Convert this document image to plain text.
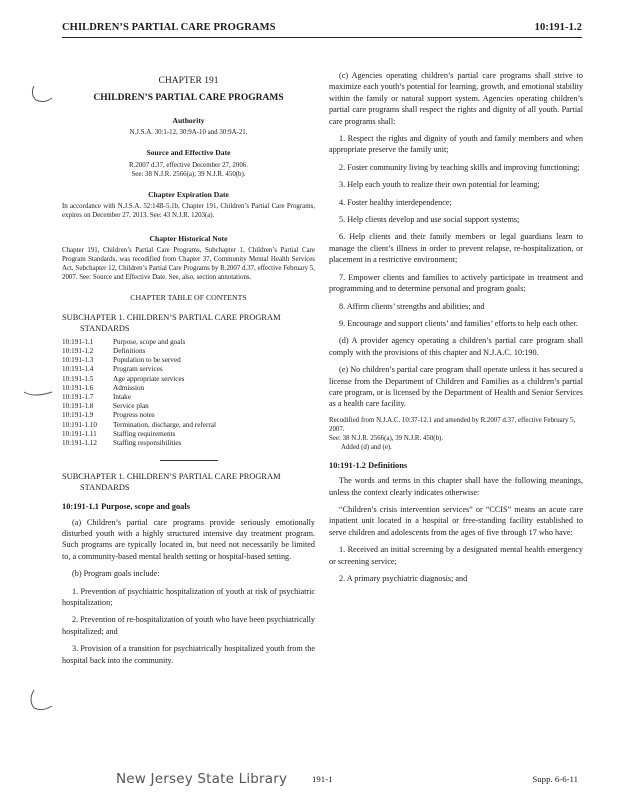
CHILDREN’S PARTIAL CARE PROGRAMS	10:191-1.2
CHAPTER 191
CHILDREN’S PARTIAL CARE PROGRAMS
Authority
N.J.S.A. 30:1-12, 30:9A-10 and 30:9A-21.
Source and Effective Date
R.2007 d.37, effective December 27, 2006.
See: 38 N.J.R. 2566(a), 39 N.J.R. 450(b).
Chapter Expiration Date
In accordance with N.J.S.A. 52:14B-5.1b, Chapter 191, Children’s Partial Care Programs, expires on December 27, 2013. See: 43 N.J.R. 1203(a).
Chapter Historical Note
Chapter 191, Children’s Partial Care Programs, Subchapter 1, Children’s Partial Care Program Standards, was recodified from Chapter 37, Community Mental Health Services Act, Subchapter 12, Children’s Partial Care Programs by R.2007 d.37, effective February 5, 2007. See: Source and Effective Date. See, also, section annotations.
CHAPTER TABLE OF CONTENTS
SUBCHAPTER 1. CHILDREN’S PARTIAL CARE PROGRAM STANDARDS
10:191-1.1	Purpose, scope and goals
10:191-1.2	Definitions
10:191-1.3	Population to be served
10:191-1.4	Program services
10:191-1.5	Age appropriate services
10:191-1.6	Admission
10:191-1.7	Intake
10:191-1.8	Service plan
10:191-1.9	Progress notes
10:191-1.10	Termination, discharge, and referral
10:191-1.11	Staffing requirements
10:191-1.12	Staffing responsibilities
SUBCHAPTER 1. CHILDREN’S PARTIAL CARE PROGRAM STANDARDS
10:191-1.1 Purpose, scope and goals

(a) Children’s partial care programs provide seriously emotionally disturbed youth with a highly structured intensive day treatment program. Such programs are typically located in, but need not necessarily be limited to, a community-based mental health setting or hospital-based setting.

(b) Program goals include:

1. Prevention of psychiatric hospitalization of youth at risk of psychiatric hospitalization;

2. Prevention of re-hospitalization of youth who have been psychiatrically hospitalized; and

3. Provision of a transition for psychiatrically hospitalized youth from the hospital back into the community.

(c) Agencies operating children’s partial care programs shall strive to maximize each youth’s potential for learning, growth, and emotional stability within the family or natural support system. Agencies operating children’s partial care programs shall respect the rights and dignity of all youth. Partial care programs shall:

1. Respect the rights and dignity of youth and family members and when appropriate preserve the family unit;

2. Foster community living by teaching skills and improving functioning;

3. Help each youth to realize their own potential for learning;

4. Foster healthy interdependence;

5. Help clients develop and use social support systems;

6. Help clients and their family members or legal guardians learn to manage the client’s illness in order to prevent relapse, re-hospitalization, or placement in a restrictive environment;

7. Empower clients and families to actively participate in treatment and programming and to determine personal and program goals;

8. Affirm clients’ strengths and abilities; and

9. Encourage and support clients’ and families’ efforts to help each other.

(d) A provider agency operating a children’s partial care program shall comply with the provisions of this chapter and N.J.A.C. 10:190.

(e) No children’s partial care program shall operate unless it has secured a license from the Department of Children and Families as a children’s partial care program, or is licensed by the Department of Health and Senior Services as a health care facility.

Recodified from N.J.A.C. 10:37-12.1 and amended by R.2007 d.37, effective February 5, 2007.
See: 38 N.J.R. 2566(a), 39 N.J.R. 450(b).
Added (d) and (e).
10:191-1.2 Definitions

The words and terms in this chapter shall have the following meanings, unless the context clearly indicates otherwise:

“Children’s crisis intervention services” or “CCIS” means an acute care inpatient unit located in a hospital or free-standing facility established to serve children and adolescents from the ages of five through 17 who have:

1. Received an initial screening by a designated mental health emergency or screening service;

2. A primary psychiatric diagnosis; and

New Jersey State Library	191-1	Supp. 6-6-11
